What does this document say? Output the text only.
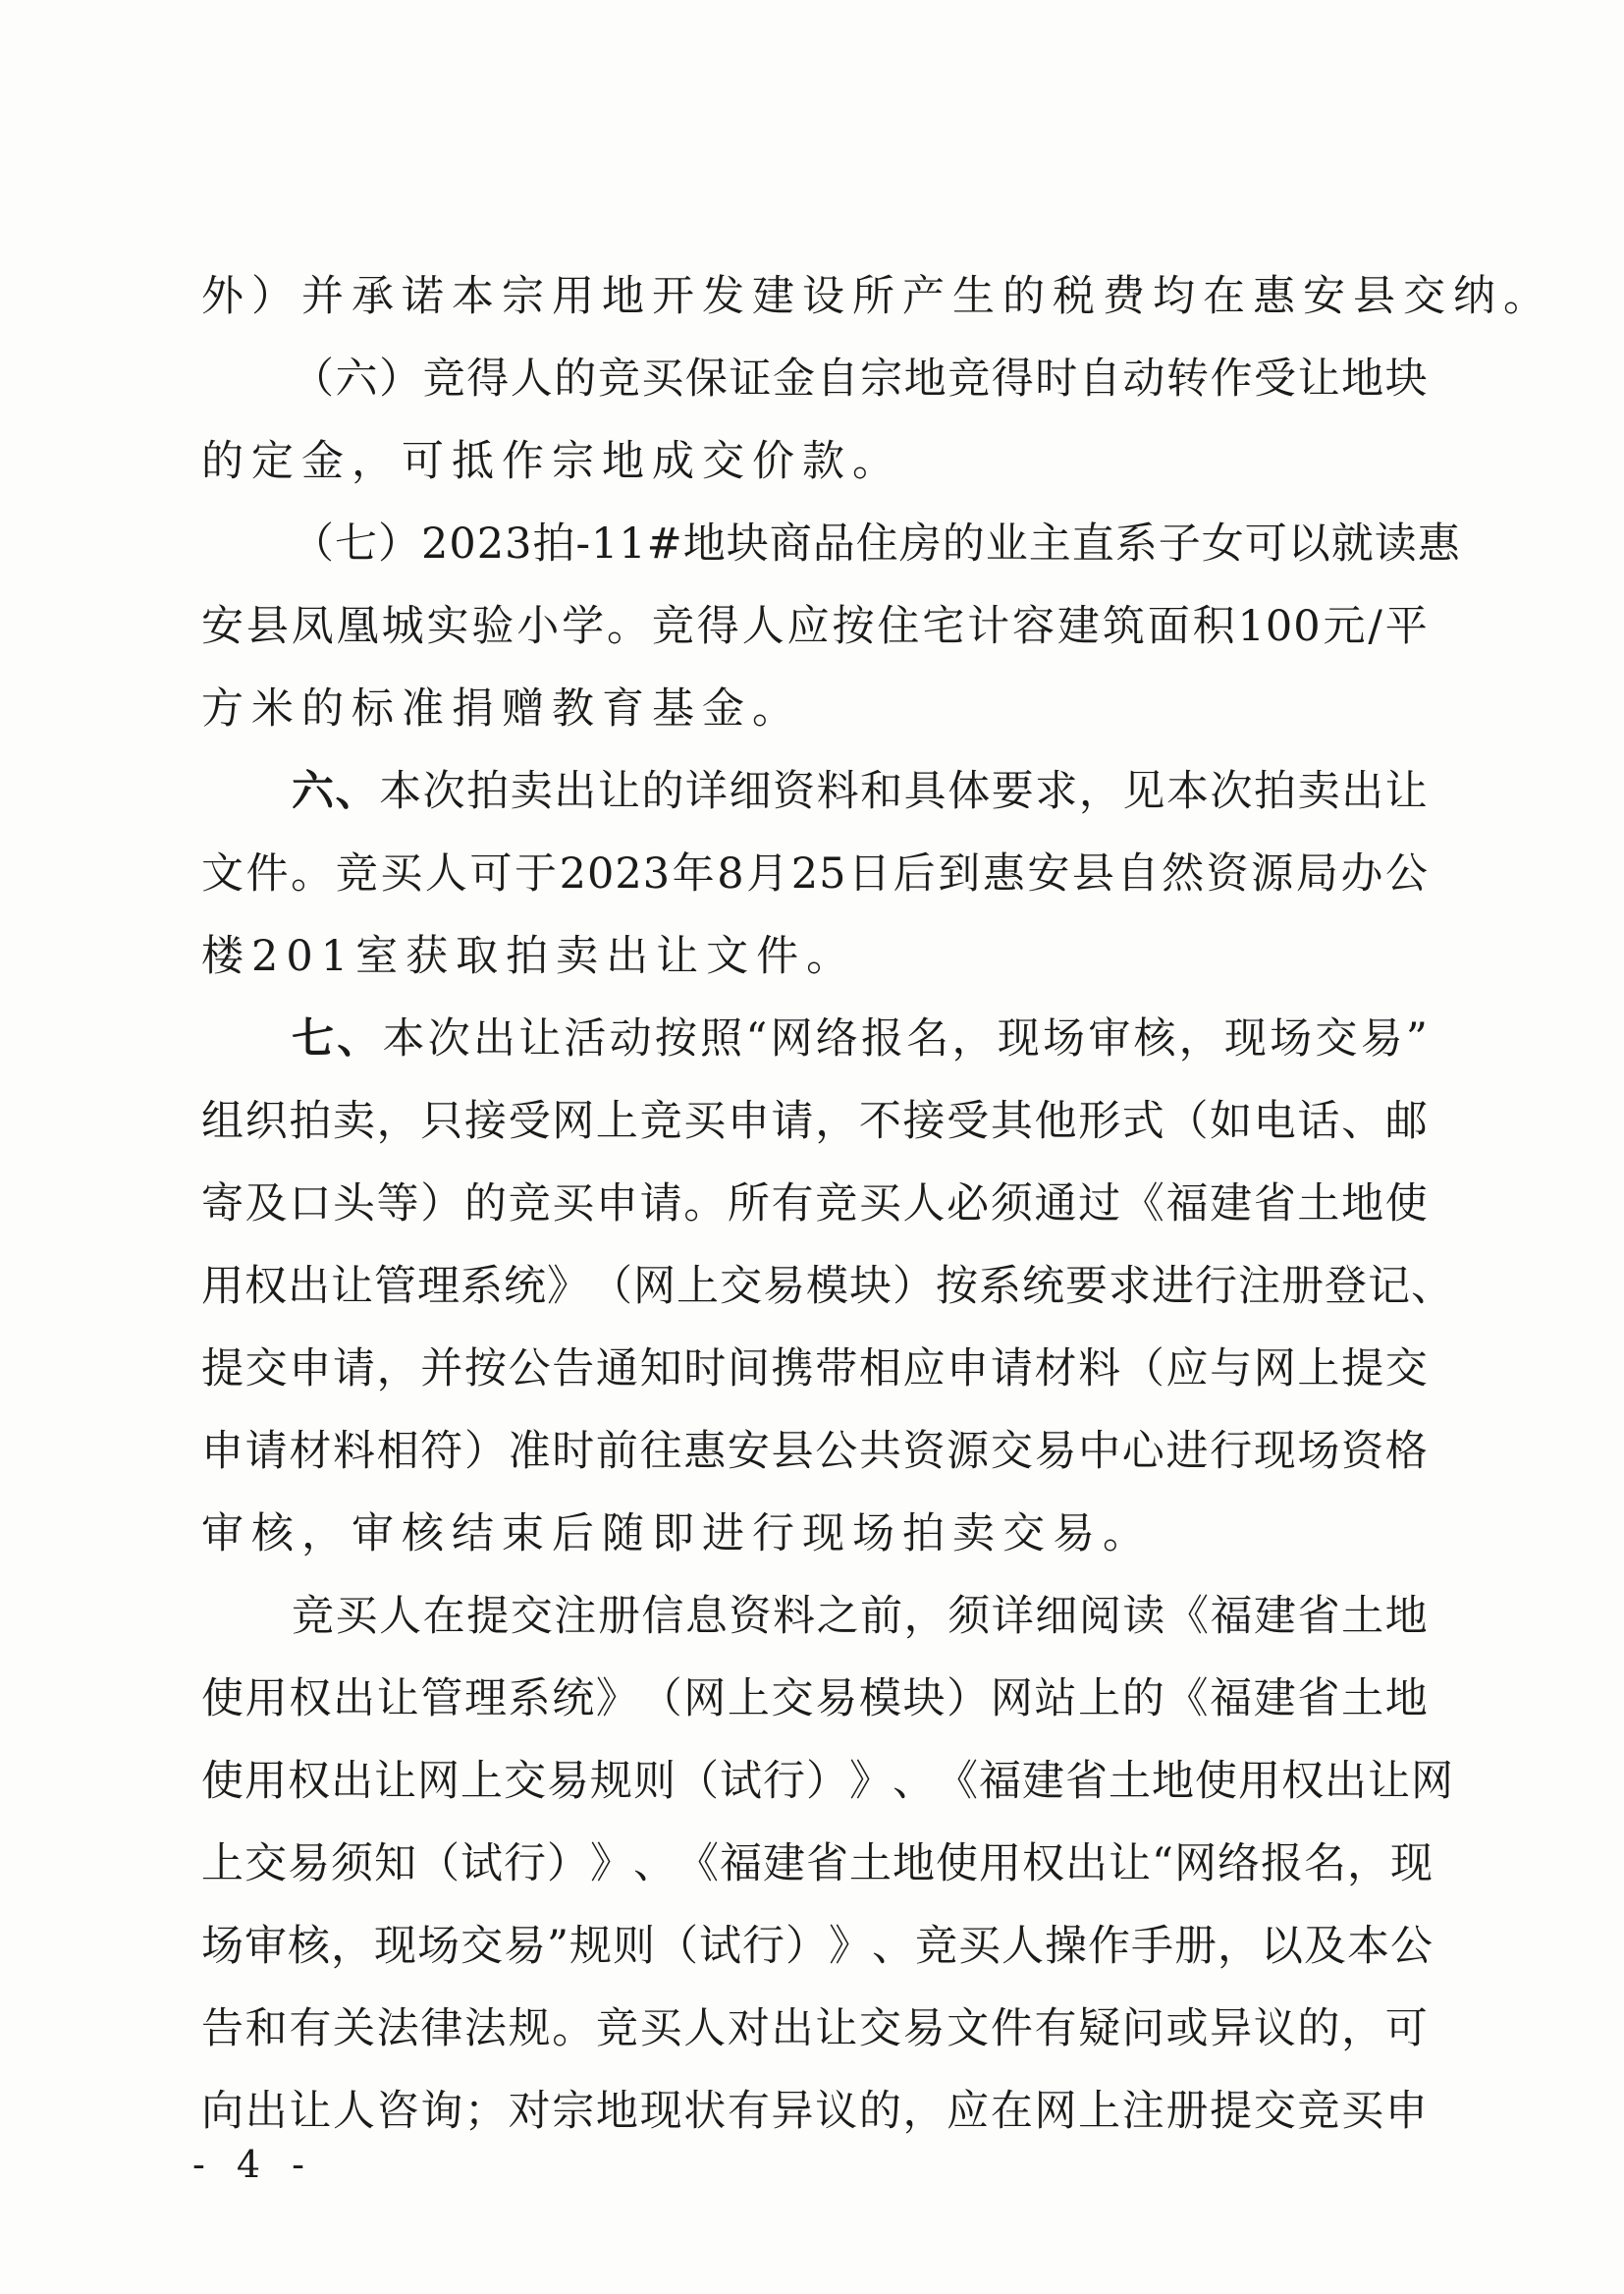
外 ） 并 承 诺 本 宗 用 地 开 发 建 设 所 产 生 的 税 费 均 在 惠 安 县 交 纳 。
（ 六 ） 竞 得 人 的 竞 买 保 证 金 自 宗 地 竞 得 时 自 动 转 作 受 让 地 块
的 定 金 ， 可 抵 作 宗 地 成 交 价 款 。
（ 七 ） 2023 拍 -11# 地 块 商 品 住 房 的 业 主 直 系 子 女 可 以 就 读 惠
安 县 凤 凰 城 实 验 小 学 。 竞 得 人 应 按 住 宅 计 容 建 筑 面 积 100 元 / 平
方 米 的 标 准 捐 赠 教 育 基 金 。
六 、 本 次 拍 卖 出 让 的 详 细 资 料 和 具 体 要 求 ， 见 本 次 拍 卖 出 让
文 件 。 竞 买 人 可 于 2023 年 8 月 25 日 后 到 惠 安 县 自 然 资 源 局 办 公
楼 201 室 获 取 拍 卖 出 让 文 件 。
七 、 本 次 出 让 活 动 按 照 “ 网 络 报 名 ， 现 场 审 核 ， 现 场 交 易 ”
组 织 拍 卖 ， 只 接 受 网 上 竞 买 申 请 ， 不 接 受 其 他 形 式 （ 如 电 话 、 邮
寄 及 口 头 等 ） 的 竞 买 申 请 。 所 有 竞 买 人 必 须 通 过 《 福 建 省 土 地 使
用 权 出 让 管 理 系 统 》 （ 网 上 交 易 模 块 ） 按 系 统 要 求 进 行 注 册 登 记 、
提 交 申 请 ， 并 按 公 告 通 知 时 间 携 带 相 应 申 请 材 料 （ 应 与 网 上 提 交
申 请 材 料 相 符 ） 准 时 前 往 惠 安 县 公 共 资 源 交 易 中 心 进 行 现 场 资 格
审 核 ， 审 核 结 束 后 随 即 进 行 现 场 拍 卖 交 易 。
竞 买 人 在 提 交 注 册 信 息 资 料 之 前 ， 须 详 细 阅 读 《 福 建 省 土 地
使 用 权 出 让 管 理 系 统 》 （ 网 上 交 易 模 块 ） 网 站 上 的 《 福 建 省 土 地
使 用 权 出 让 网 上 交 易 规 则 （ 试 行 ） 》 、 《 福 建 省 土 地 使 用 权 出 让 网
上 交 易 须 知 （ 试 行 ） 》 、 《 福 建 省 土 地 使 用 权 出 让 “ 网 络 报 名 ， 现
场 审 核 ， 现 场 交 易 ” 规 则 （ 试 行 ） 》 、 竞 买 人 操 作 手 册 ， 以 及 本 公
告 和 有 关 法 律 法 规 。 竞 买 人 对 出 让 交 易 文 件 有 疑 问 或 异 议 的 ， 可
向 出 让 人 咨 询 ； 对 宗 地 现 状 有 异 议 的 ， 应 在 网 上 注 册 提 交 竞 买 申
- 4 -
